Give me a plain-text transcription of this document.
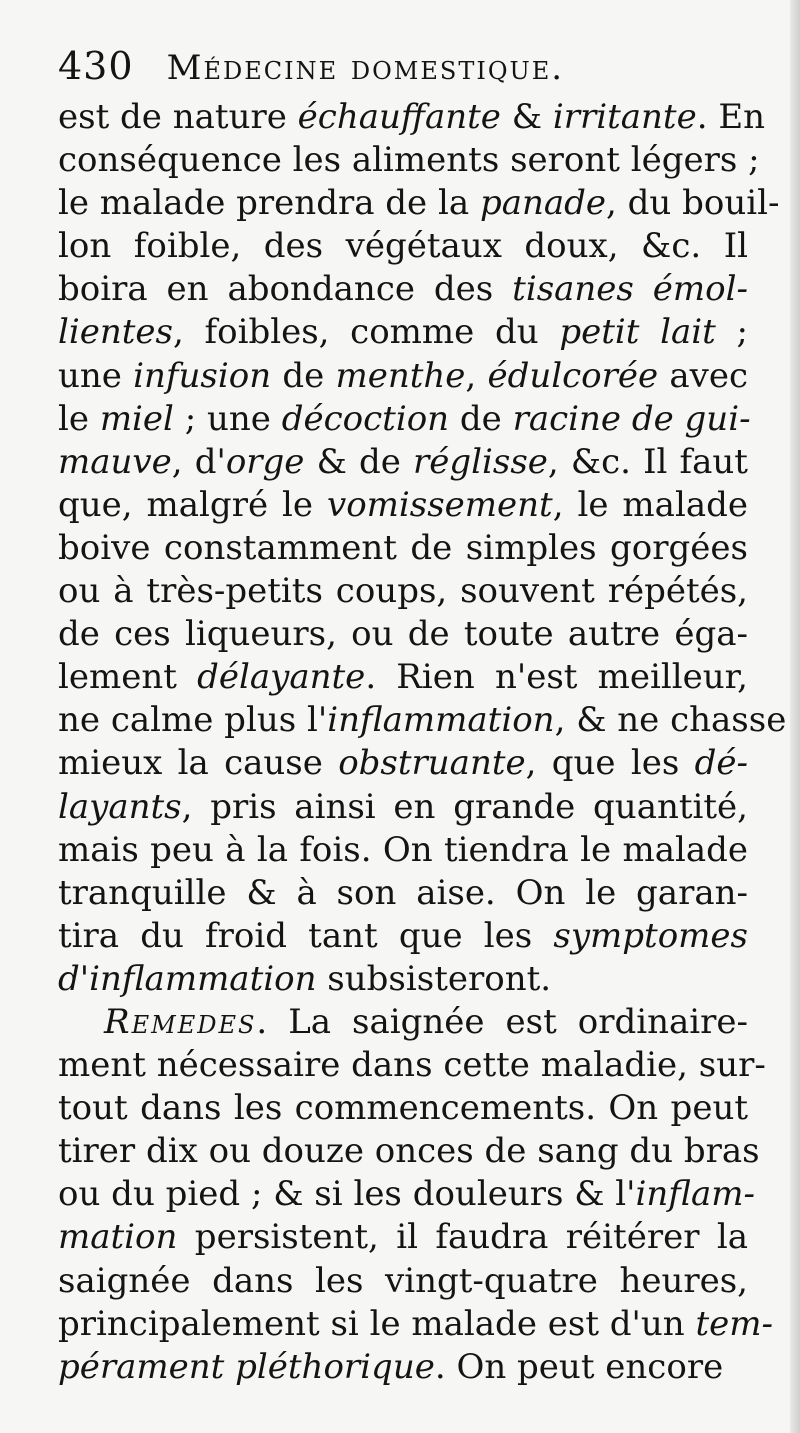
430 Médecine domestique.
est de nature échauffante & irritante. En
conséquence les aliments seront légers ;
le malade prendra de la panade, du bouil-
lon foible, des végétaux doux, &c. Il
boira en abondance des tisanes émol-
lientes, foibles, comme du petit lait ;
une infusion de menthe, édulcorée avec
le miel ; une décoction de racine de gui-
mauve, d'orge & de réglisse, &c. Il faut
que, malgré le vomissement, le malade
boive constamment de simples gorgées
ou à très-petits coups, souvent répétés,
de ces liqueurs, ou de toute autre éga-
lement délayante. Rien n'est meilleur,
ne calme plus l'inflammation, & ne chasse
mieux la cause obstruante, que les dé-
layants, pris ainsi en grande quantité,
mais peu à la fois. On tiendra le malade
tranquille & à son aise. On le garan-
tira du froid tant que les symptomes
d'inflammation subsisteront.
Remedes. La saignée est ordinaire-
ment nécessaire dans cette maladie, sur-
tout dans les commencements. On peut
tirer dix ou douze onces de sang du bras
ou du pied ; & si les douleurs & l'inflam-
mation persistent, il faudra réitérer la
saignée dans les vingt-quatre heures,
principalement si le malade est d'un tem-
pérament pléthorique. On peut encore
